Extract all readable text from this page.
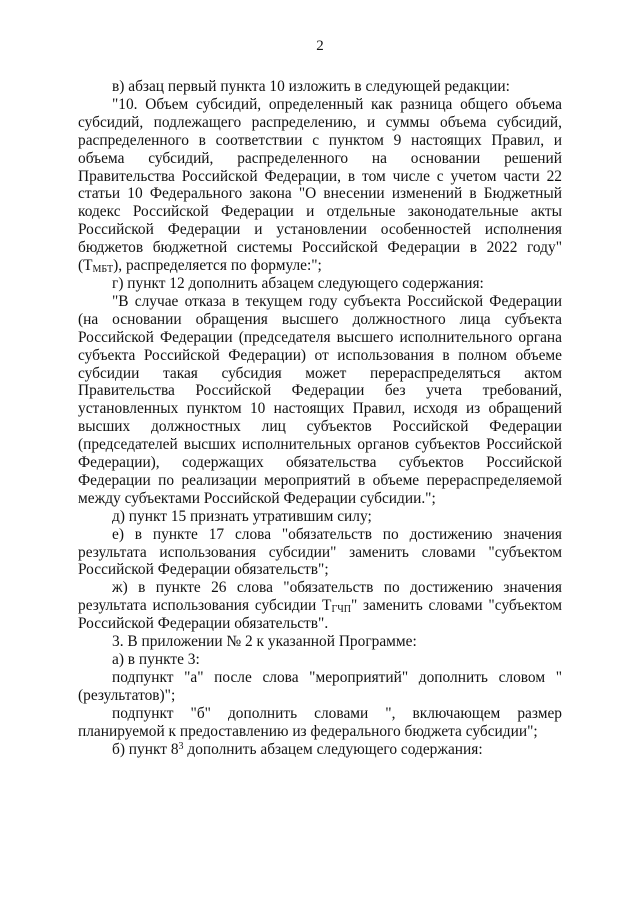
2

в) абзац первый пункта 10 изложить в следующей редакции:

"10. Объем субсидий, определенный как разница общего объема субсидий, подлежащего распределению, и суммы объема субсидий, распределенного в соответствии с пунктом 9 настоящих Правил, и объема субсидий, распределенного на основании решений Правительства Российской Федерации, в том числе с учетом части 22 статьи 10 Федерального закона "О внесении изменений в Бюджетный кодекс Российской Федерации и отдельные законодательные акты Российской Федерации и установлении особенностей исполнения бюджетов бюджетной системы Российской Федерации в 2022 году" $(Т_{МБТ})$, распределяется по формуле:";

г) пункт 12 дополнить абзацем следующего содержания:

"В случае отказа в текущем году субъекта Российской Федерации (на основании обращения высшего должностного лица субъекта Российской Федерации (председателя высшего исполнительного органа субъекта Российской Федерации) от использования в полном объеме субсидии такая субсидия может перераспределяться актом Правительства Российской Федерации без учета требований, установленных пунктом 10 настоящих Правил, исходя из обращений высших должностных лиц субъектов Российской Федерации (председателей высших исполнительных органов субъектов Российской Федерации), содержащих обязательства субъектов Российской Федерации по реализации мероприятий в объеме перераспределяемой между субъектами Российской Федерации субсидии.";

д) пункт 15 признать утратившим силу;

е) в пункте 17 слова "обязательств по достижению значения результата использования субсидии" заменить словами "субъектом Российской Федерации обязательств";

ж) в пункте 26 слова "обязательств по достижению значения результата использования субсидии $Т_{ГЧП}$" заменить словами "субъектом Российской Федерации обязательств".

3. В приложении № 2 к указанной Программе:

а) в пункте 3:

подпункт "а" после слова "мероприятий" дополнить словом "(результатов)";

подпункт "б" дополнить словами ", включающем размер планируемой к предоставлению из федерального бюджета субсидии";

б) пункт $8^3$ дополнить абзацем следующего содержания:
